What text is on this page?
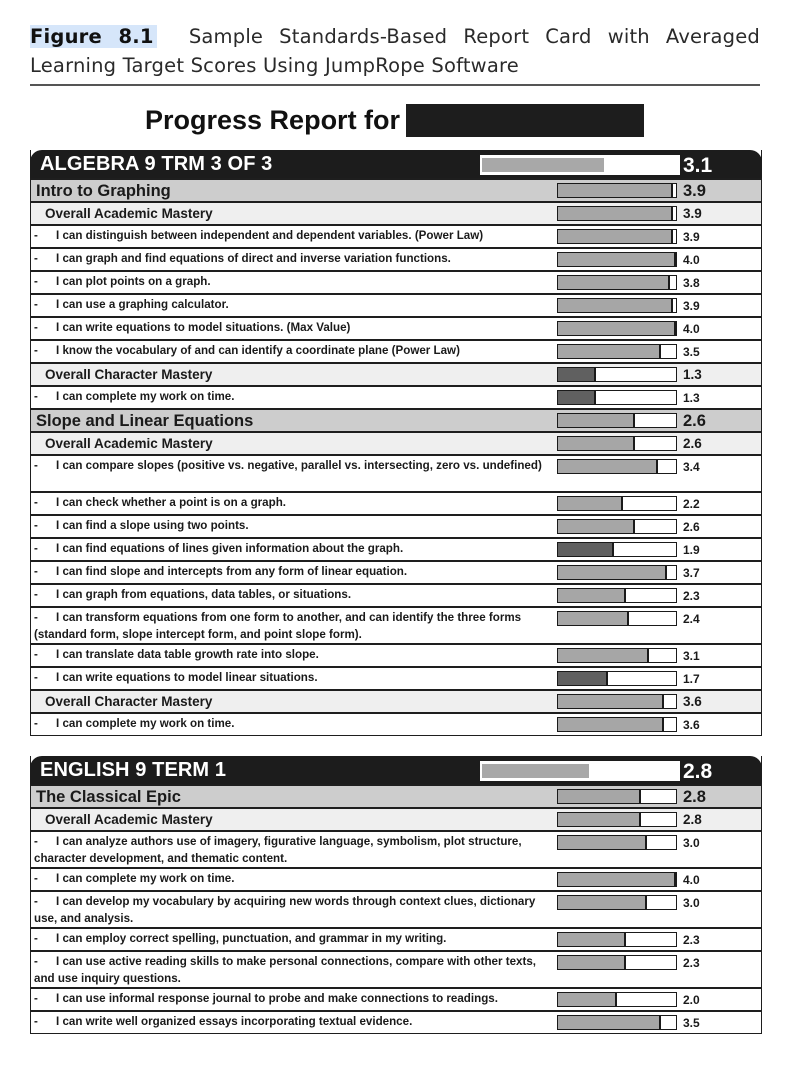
Figure 8.1 Sample Standards-Based Report Card with Averaged Learning Target Scores Using JumpRope Software
Progress Report for
ALGEBRA 9 TRM 3 OF 3	3.1
Intro to Graphing	3.9
Overall Academic Mastery	3.9
- I can distinguish between independent and dependent variables. (Power Law)	3.9
- I can graph and find equations of direct and inverse variation functions.	4.0
- I can plot points on a graph.	3.8
- I can use a graphing calculator.	3.9
- I can write equations to model situations. (Max Value)	4.0
- I know the vocabulary of and can identify a coordinate plane (Power Law)	3.5
Overall Character Mastery	1.3
- I can complete my work on time.	1.3
Slope and Linear Equations	2.6
Overall Academic Mastery	2.6
- I can compare slopes (positive vs. negative, parallel vs. intersecting, zero vs. undefined)	3.4
- I can check whether a point is on a graph.	2.2
- I can find a slope using two points.	2.6
- I can find equations of lines given information about the graph.	1.9
- I can find slope and intercepts from any form of linear equation.	3.7
- I can graph from equations, data tables, or situations.	2.3
- I can transform equations from one form to another, and can identify the three forms (standard form, slope intercept form, and point slope form).
2.4
- I can translate data table growth rate into slope.	3.1
- I can write equations to model linear situations.	1.7
Overall Character Mastery	3.6
- I can complete my work on time.	3.6
ENGLISH 9 TERM 1	2.8
The Classical Epic	2.8
Overall Academic Mastery	2.8
- I can analyze authors use of imagery, figurative language, symbolism, plot structure, character development, and thematic content.
3.0
- I can complete my work on time.	4.0
- I can develop my vocabulary by acquiring new words through context clues, dictionary use, and analysis.
3.0
- I can employ correct spelling, punctuation, and grammar in my writing.	2.3
- I can use active reading skills to make personal connections, compare with other texts, and use inquiry questions.
2.3
- I can use informal response journal to probe and make connections to readings.	2.0
- I can write well organized essays incorporating textual evidence.	3.5
